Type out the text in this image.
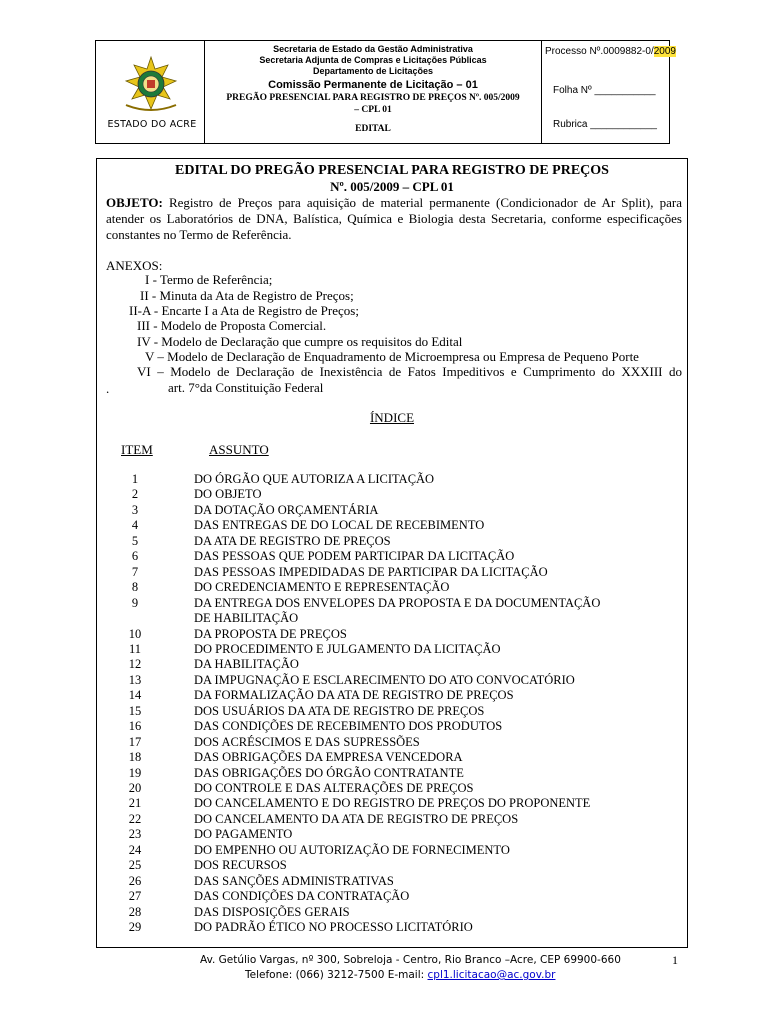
ESTADO DO ACRE
Secretaria de Estado da Gestão Administrativa
Secretaria Adjunta de Compras e Licitações Públicas
Departamento de Licitações
Comissão Permanente de Licitação – 01
PREGÃO PRESENCIAL PARA REGISTRO DE PREÇOS Nº. 005/2009
– CPL 01
EDITAL
Processo Nº.0009882-0/2009
Folha Nº ___________
Rubrica ____________
EDITAL DO PREGÃO PRESENCIAL PARA REGISTRO DE PREÇOS
Nº. 005/2009 – CPL 01
OBJETO: Registro de Preços para aquisição de material permanente (Condicionador de Ar Split), para atender os Laboratórios de DNA, Balística, Química e Biologia desta Secretaria, conforme especificações constantes no Termo de Referência.
ANEXOS:
I - Termo de Referência;
II - Minuta da Ata de Registro de Preços;
II-A - Encarte I a Ata de Registro de Preços;
III - Modelo de Proposta Comercial.
IV - Modelo de Declaração que cumpre os requisitos do Edital
V – Modelo de Declaração de Enquadramento de Microempresa ou Empresa de Pequeno Porte
VI – Modelo de Declaração de Inexistência de Fatos Impeditivos e Cumprimento do XXXIII do
art. 7°da Constituição Federal
.
ÍNDICE
ITEM	ASSUNTO
1	DO ÓRGÃO QUE AUTORIZA A LICITAÇÃO
2	DO OBJETO
3	DA DOTAÇÃO ORÇAMENTÁRIA
4	DAS ENTREGAS DE DO LOCAL DE RECEBIMENTO
5	DA ATA DE REGISTRO DE PREÇOS
6	DAS PESSOAS QUE PODEM PARTICIPAR DA LICITAÇÃO
7	DAS PESSOAS IMPEDIDADAS DE PARTICIPAR DA LICITAÇÃO
8	DO CREDENCIAMENTO E REPRESENTAÇÃO
9	DA ENTREGA DOS ENVELOPES DA PROPOSTA E DA DOCUMENTAÇÃO
DE HABILITAÇÃO
10	DA PROPOSTA DE PREÇOS
11	DO PROCEDIMENTO E JULGAMENTO DA LICITAÇÃO
12	DA HABILITAÇÃO
13	DA IMPUGNAÇÃO E ESCLARECIMENTO DO ATO CONVOCATÓRIO
14	DA FORMALIZAÇÃO DA ATA DE REGISTRO DE PREÇOS
15	DOS USUÁRIOS DA ATA DE REGISTRO DE PREÇOS
16	DAS CONDIÇÕES DE RECEBIMENTO DOS PRODUTOS
17	DOS ACRÉSCIMOS E DAS SUPRESSÕES
18	DAS OBRIGAÇÕES DA EMPRESA VENCEDORA
19	DAS OBRIGAÇÕES DO ÓRGÃO CONTRATANTE
20	DO CONTROLE E DAS ALTERAÇÕES DE PREÇOS
21	DO CANCELAMENTO E DO REGISTRO DE PREÇOS DO PROPONENTE
22	DO CANCELAMENTO DA ATA DE REGISTRO DE PREÇOS
23	DO PAGAMENTO
24	DO EMPENHO OU AUTORIZAÇÃO DE FORNECIMENTO
25	DOS RECURSOS
26	DAS SANÇÕES ADMINISTRATIVAS
27	DAS CONDIÇÕES DA CONTRATAÇÃO
28	DAS DISPOSIÇÕES GERAIS
29	DO PADRÃO ÉTICO NO PROCESSO LICITATÓRIO
Av. Getúlio Vargas, nº 300, Sobreloja - Centro, Rio Branco –Acre, CEP 69900-660
Telefone: (066) 3212-7500 E-mail: cpl1.licitacao@ac.gov.br
1
